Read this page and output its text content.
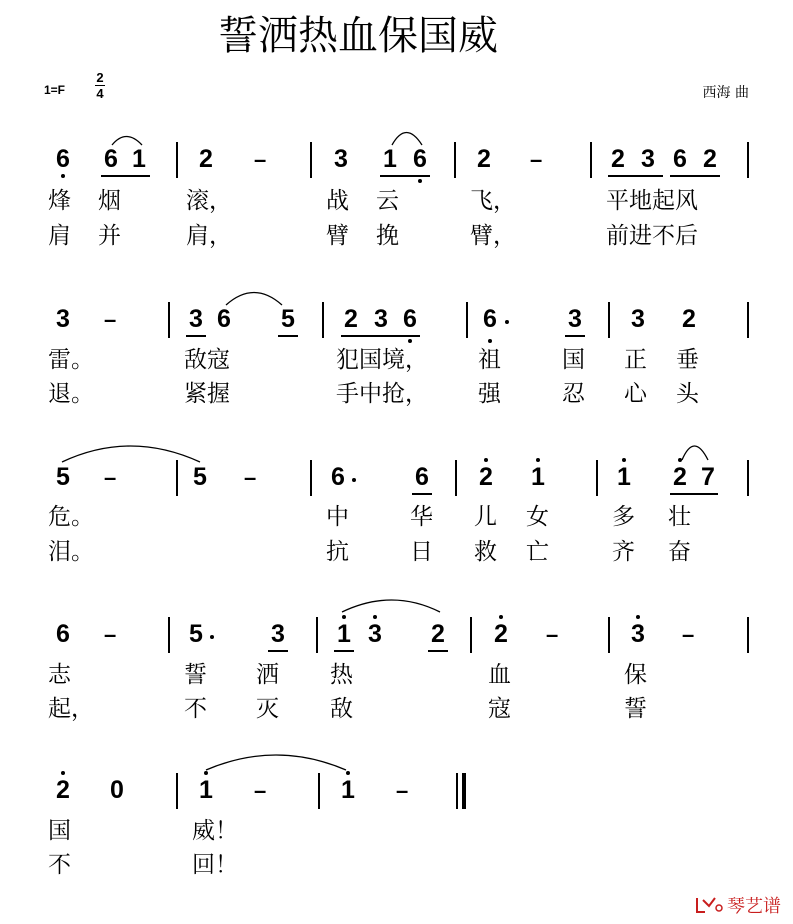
誓洒热血保国威
1=F
2
4	西海 曲
6 6 1 2 –	3 1 6 2 –	2 3 6 2
烽 烟	滚，	战 云	飞，	平地起风
肩 并	肩，	臂 挽	臂，	前进不后
3 –	3 6 5 2 3 6	6	3 3 2
雷。	敌寇	犯国境， 祖	国 正 垂
退。	紧握	手中抢， 强	忍 心 头
5 –	5 –	6	6 2 1	1 2 7
危。	中	华 儿 女	多 壮
泪。	抗	日 救 亡	齐 奋
6 –	5	3 1 3 2 2 –	3 –
志	誓 洒 热	血	保
起，	不 灭 敌	寇	誓
2 0	1 –	1 –
国	威！
不	回！
琴艺谱
